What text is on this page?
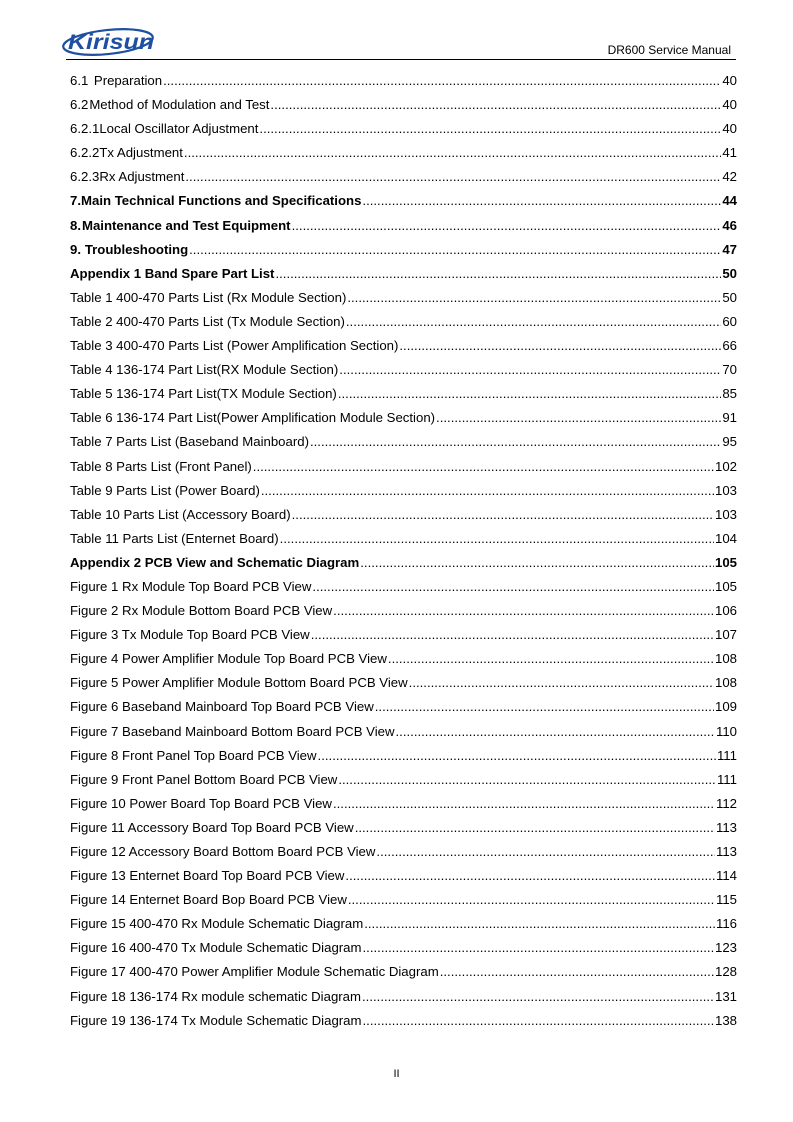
Kirisun	DR600 Service Manual
6.1 Preparation .....	40
6.2 Method of Modulation and Test .....	40
6.2.1 Local Oscillator Adjustment .....	40
6.2.2 Tx Adjustment .....	41
6.2.3 Rx Adjustment .....	42
7. Main Technical Functions and Specifications .....	44
8. Maintenance and Test Equipment .....	46
9. Troubleshooting .....	47
Appendix 1 Band Spare Part List .....	50
Table 1 400-470 Parts List (Rx Module Section) .....	50
Table 2 400-470 Parts List (Tx Module Section) .....	60
Table 3 400-470 Parts List (Power Amplification Section) .....	66
Table 4 136-174 Part List(RX Module Section) .....	70
Table 5 136-174 Part List(TX Module Section) .....	85
Table 6 136-174 Part List(Power Amplification Module Section) .....	91
Table 7 Parts List (Baseband Mainboard) .....	95
Table 8 Parts List (Front Panel) .....	102
Table 9 Parts List (Power Board) .....	103
Table 10 Parts List (Accessory Board) .....	103
Table 11 Parts List (Enternet Board) .....	104
Appendix 2 PCB View and Schematic Diagram .....	105
Figure 1 Rx Module Top Board PCB View .....	105
Figure 2 Rx Module Bottom Board PCB View .....	106
Figure 3 Tx Module Top Board PCB View .....	107
Figure 4 Power Amplifier Module Top Board PCB View .....	108
Figure 5 Power Amplifier Module Bottom Board PCB View .....	108
Figure 6 Baseband Mainboard Top Board PCB View .....	109
Figure 7 Baseband Mainboard Bottom Board PCB View .....	110
Figure 8 Front Panel Top Board PCB View .....	111
Figure 9 Front Panel Bottom Board PCB View .....	111
Figure 10 Power Board Top Board PCB View .....	112
Figure 11 Accessory Board Top Board PCB View .....	113
Figure 12 Accessory Board Bottom Board PCB View .....	113
Figure 13 Enternet Board Top Board PCB View .....	114
Figure 14 Enternet Board Bop Board PCB View .....	115
Figure 15 400-470 Rx Module Schematic Diagram .....	116
Figure 16 400-470 Tx Module Schematic Diagram .....	123
Figure 17 400-470 Power Amplifier Module Schematic Diagram .....	128
Figure 18 136-174 Rx module schematic Diagram .....	131
Figure 19 136-174 Tx Module Schematic Diagram .....	138
II
